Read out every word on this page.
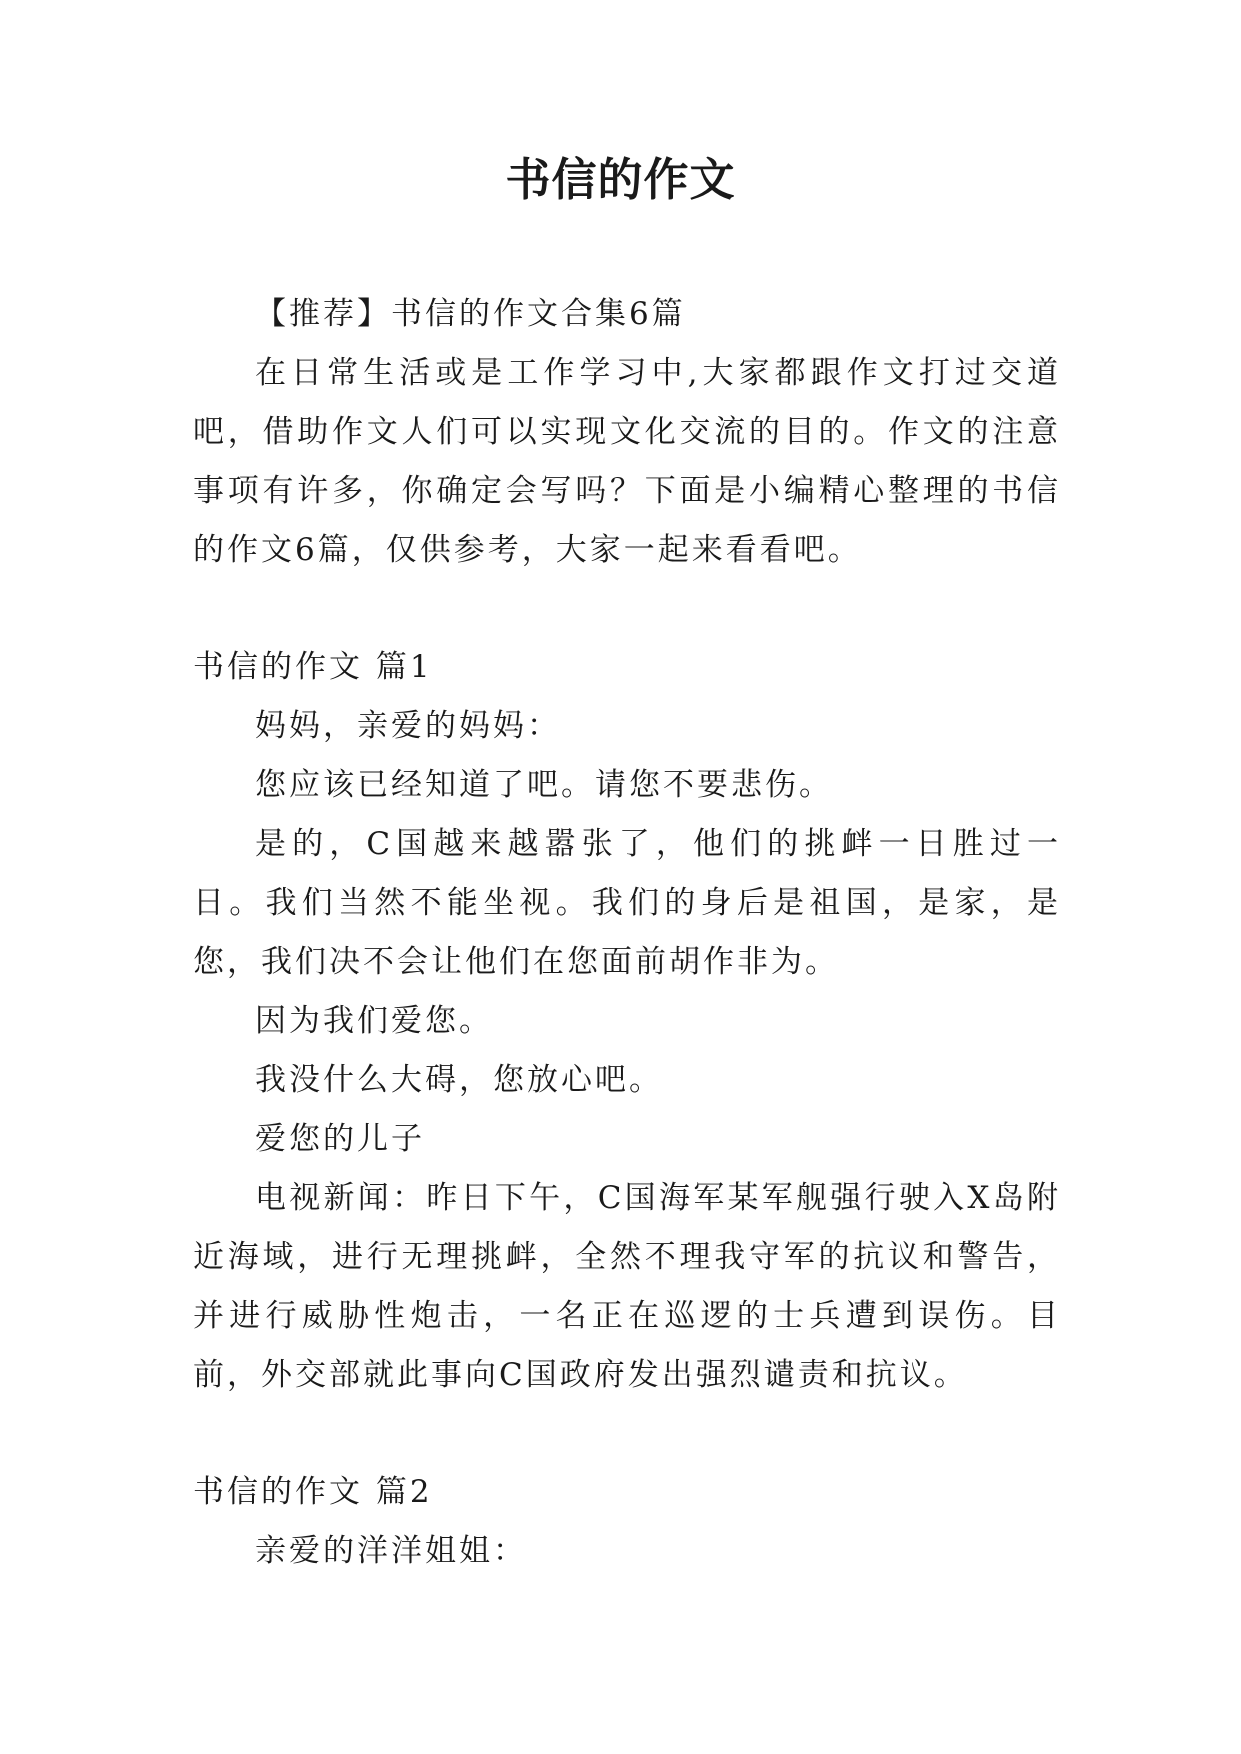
书信的作文

【推荐】书信的作文合集6篇

在日常生活或是工作学习中,大家都跟作文打过交道吧，借助作文人们可以实现文化交流的目的。作文的注意事项有许多，你确定会写吗？下面是小编精心整理的书信的作文6篇，仅供参考，大家一起来看看吧。

书信的作文 篇1

妈妈，亲爱的妈妈：

您应该已经知道了吧。请您不要悲伤。

是的，C国越来越嚣张了，他们的挑衅一日胜过一日。我们当然不能坐视。我们的身后是祖国，是家，是您，我们决不会让他们在您面前胡作非为。

因为我们爱您。

我没什么大碍，您放心吧。

爱您的儿子

电视新闻：昨日下午，C国海军某军舰强行驶入X岛附近海域，进行无理挑衅，全然不理我守军的抗议和警告，并进行威胁性炮击，一名正在巡逻的士兵遭到误伤。目前，外交部就此事向C国政府发出强烈谴责和抗议。

书信的作文 篇2

亲爱的洋洋姐姐：
